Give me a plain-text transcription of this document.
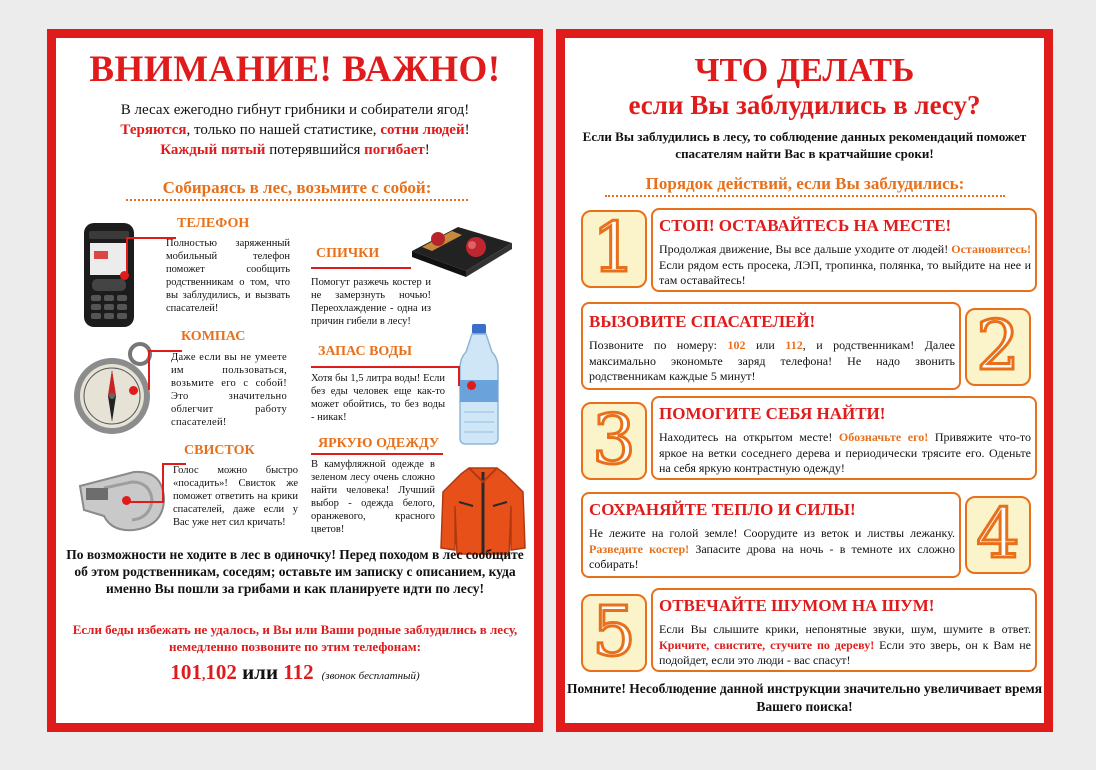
ВНИМАНИЕ! ВАЖНО!
В лесах ежегодно гибнут грибники и собиратели ягод!
Теряются, только по нашей статистике, сотни людей!
Каждый пятый потерявшийся погибает!
Собираясь в лес, возьмите с собой:
ТЕЛЕФОН
Полностью заряженный мобильный телефон поможет сообщить родственникам о том, что вы заблудились, и вызвать спасателей!
СПИЧКИ
Помогут разжечь костер и не замерзнуть ночью! Переохлаждение - одна из причин гибели в лесу!
КОМПАС
Даже если вы не умеете им пользоваться, возьмите его с собой! Это значительно облегчит работу спасателей!
ЗАПАС ВОДЫ
Хотя бы 1,5 литра воды! Если без еды человек еще как-то может обойтись, то без воды - никак!
СВИСТОК
Голос можно быстро «посадить»! Свисток же поможет ответить на крики спасателей, даже если у Вас уже нет сил кричать!
ЯРКУЮ ОДЕЖДУ
В камуфляжной одежде в зеленом лесу очень сложно найти человека! Лучший выбор - одежда белого, оранжевого, красного цветов!
По возможности не ходите в лес в одиночку! Перед походом в лес сообщите об этом родственникам, соседям; оставьте им записку с описанием, куда именно Вы пошли за грибами и как планируете идти по лесу!
Если беды избежать не удалось, и Вы или Ваши родные заблудились в лесу, немедленно позвоните по этим телефонам:
101,102 или 112 (звонок бесплатный)
ЧТО ДЕЛАТЬ
если Вы заблудились в лесу?
Если Вы заблудились в лесу, то соблюдение данных рекомендаций поможет спасателям найти Вас в кратчайшие сроки!
Порядок действий, если Вы заблудились:
1 СТОП! ОСТАВАЙТЕСЬ НА МЕСТЕ!
Продолжая движение, Вы все дальше уходите от людей! Остановитесь! Если рядом есть просека, ЛЭП, тропинка, полянка, то выйдите на нее и там оставайтесь!
ВЫЗОВИТЕ СПАСАТЕЛЕЙ!
Позвоните по номеру: 102 или 112, и родственникам! Далее максимально экономьте заряд телефона! Не надо звонить родственникам каждые 5 минут!	2
3 ПОМОГИТЕ СЕБЯ НАЙТИ!
Находитесь на открытом месте! Обозначьте его! Привяжите что-то яркое на ветки соседнего дерева и периодически трясите его. Оденьте на себя яркую контрастную одежду!
СОХРАНЯЙТЕ ТЕПЛО И СИЛЫ!
Не лежите на голой земле! Соорудите из веток и листвы лежанку. Разведите костер! Запасите дрова на ночь - в темноте их сложно собирать!	4
5 ОТВЕЧАЙТЕ ШУМОМ НА ШУМ!
Если Вы слышите крики, непонятные звуки, шум, шумите в ответ. Кричите, свистите, стучите по дереву! Если это зверь, он к Вам не подойдет, если это люди - вас спасут!
Помните! Несоблюдение данной инструкции значительно увеличивает время Вашего поиска!
